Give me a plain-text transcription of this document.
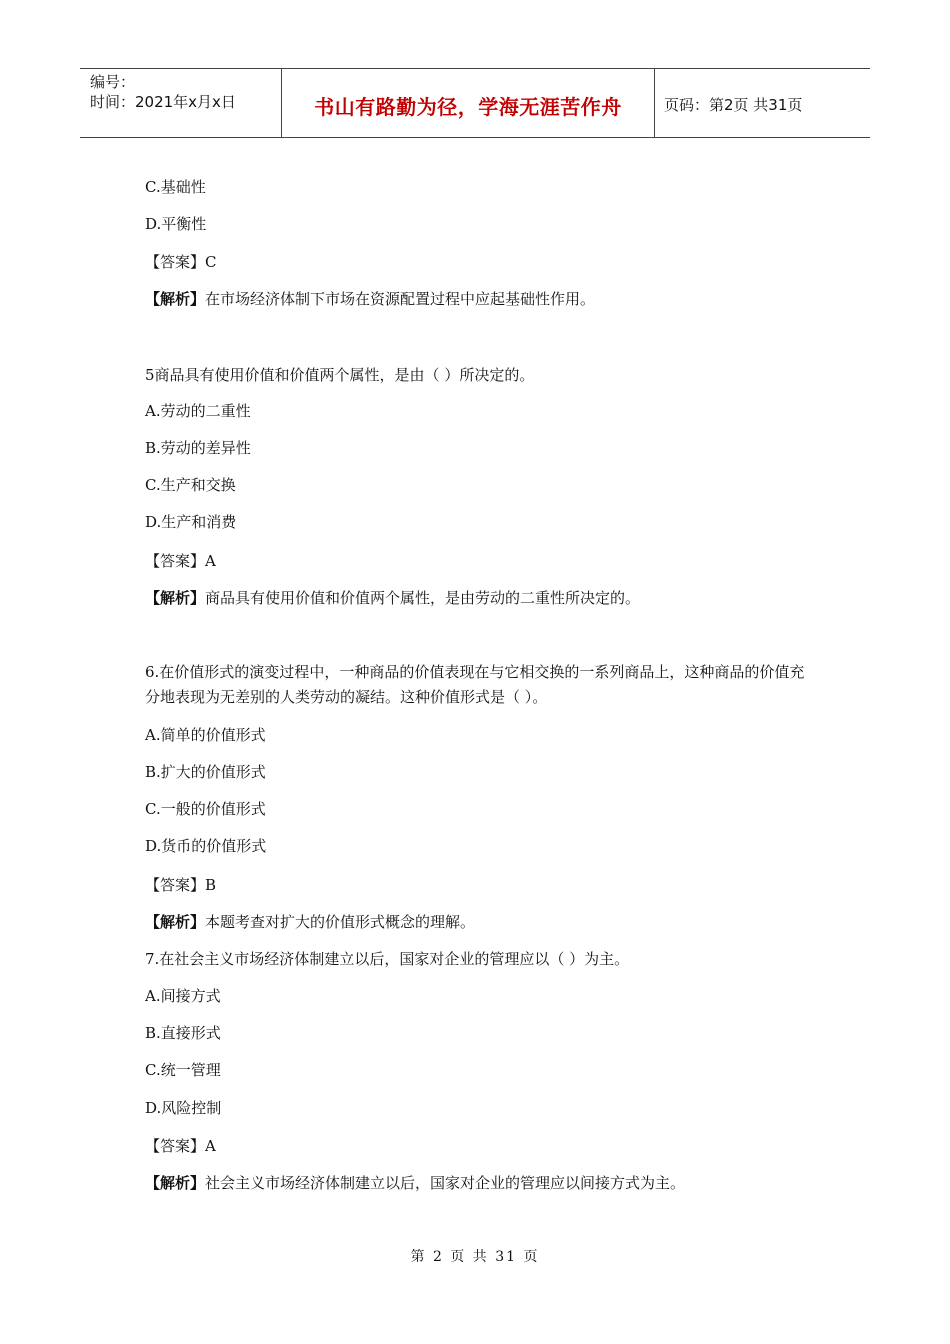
编号：
时间：2021年x月x日	书山有路勤为径，学海无涯苦作舟	页码：第2页 共31页
C.基础性
D.平衡性
【答案】C
【解析】在市场经济体制下市场在资源配置过程中应起基础性作用。
5商品具有使用价值和价值两个属性，是由（ ）所决定的。
A.劳动的二重性
B.劳动的差异性
C.生产和交换
D.生产和消费
【答案】A
【解析】商品具有使用价值和价值两个属性，是由劳动的二重性所决定的。
6.在价值形式的演变过程中，一种商品的价值表现在与它相交换的一系列商品上，这种商品的价值充分地表现为无差别的人类劳动的凝结。这种价值形式是（ ）。
A.简单的价值形式
B.扩大的价值形式
C.一般的价值形式
D.货币的价值形式
【答案】B
【解析】本题考查对扩大的价值形式概念的理解。
7.在社会主义市场经济体制建立以后，国家对企业的管理应以（ ）为主。
A.间接方式
B.直接形式
C.统一管理
D.风险控制
【答案】A
【解析】社会主义市场经济体制建立以后，国家对企业的管理应以间接方式为主。
第 2 页 共 31 页
